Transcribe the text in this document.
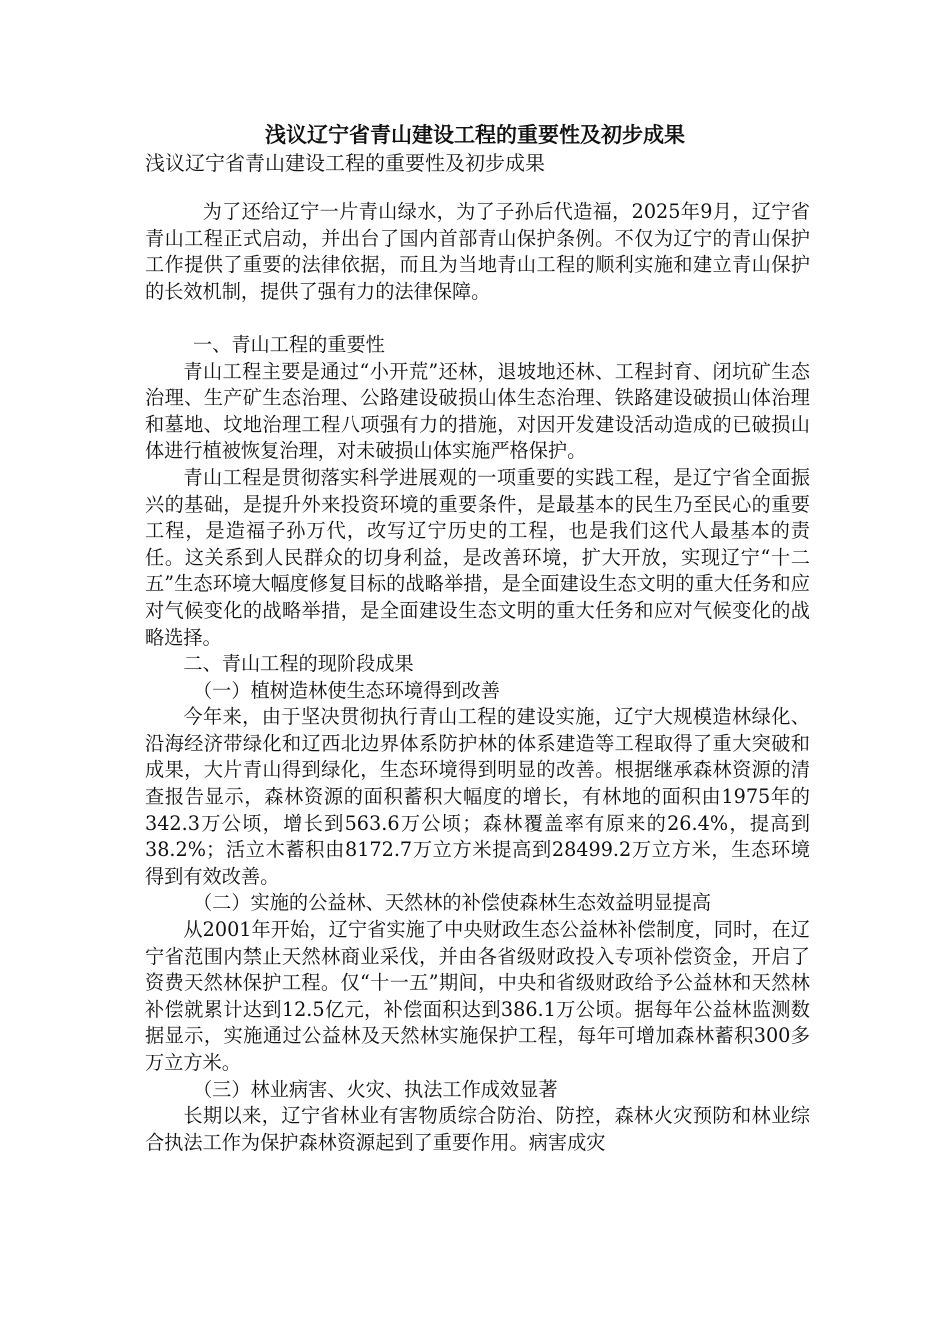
浅议辽宁省青山建设工程的重要性及初步成果
浅议辽宁省青山建设工程的重要性及初步成果

为了还给辽宁一片青山绿水，为了子孙后代造福，2025年9月，辽宁省青山工程正式启动，并出台了国内首部青山保护条例。不仅为辽宁的青山保护工作提供了重要的法律依据，而且为当地青山工程的顺利实施和建立青山保护的长效机制，提供了强有力的法律保障。

一、青山工程的重要性

青山工程主要是通过“小开荒”还林，退坡地还林、工程封育、闭坑矿生态治理、生产矿生态治理、公路建设破损山体生态治理、铁路建设破损山体治理和墓地、坟地治理工程八项强有力的措施，对因开发建设活动造成的已破损山体进行植被恢复治理，对未破损山体实施严格保护。

青山工程是贯彻落实科学进展观的一项重要的实践工程，是辽宁省全面振兴的基础，是提升外来投资环境的重要条件，是最基本的民生乃至民心的重要工程，是造福子孙万代，改写辽宁历史的工程，也是我们这代人最基本的责任。这关系到人民群众的切身利益，是改善环境，扩大开放，实现辽宁“十二五”生态环境大幅度修复目标的战略举措，是全面建设生态文明的重大任务和应对气候变化的战略举措，是全面建设生态文明的重大任务和应对气候变化的战略选择。

二、青山工程的现阶段成果

（一）植树造林使生态环境得到改善

今年来，由于坚决贯彻执行青山工程的建设实施，辽宁大规模造林绿化、沿海经济带绿化和辽西北边界体系防护林的体系建造等工程取得了重大突破和成果，大片青山得到绿化，生态环境得到明显的改善。根据继承森林资源的清查报告显示，森林资源的面积蓄积大幅度的增长，有林地的面积由1975年的342.3万公顷，增长到563.6万公顷；森林覆盖率有原来的26.4%，提高到38.2%；活立木蓄积由8172.7万立方米提高到28499.2万立方米，生态环境得到有效改善。

（二）实施的公益林、天然林的补偿使森林生态效益明显提高

从2001年开始，辽宁省实施了中央财政生态公益林补偿制度，同时，在辽宁省范围内禁止天然林商业采伐，并由各省级财政投入专项补偿资金，开启了资费天然林保护工程。仅“十一五”期间，中央和省级财政给予公益林和天然林补偿就累计达到12.5亿元，补偿面积达到386.1万公顷。据每年公益林监测数据显示，实施通过公益林及天然林实施保护工程，每年可增加森林蓄积300多万立方米。

（三）林业病害、火灾、执法工作成效显著

长期以来，辽宁省林业有害物质综合防治、防控，森林火灾预防和林业综合执法工作为保护森林资源起到了重要作用。病害成灾
